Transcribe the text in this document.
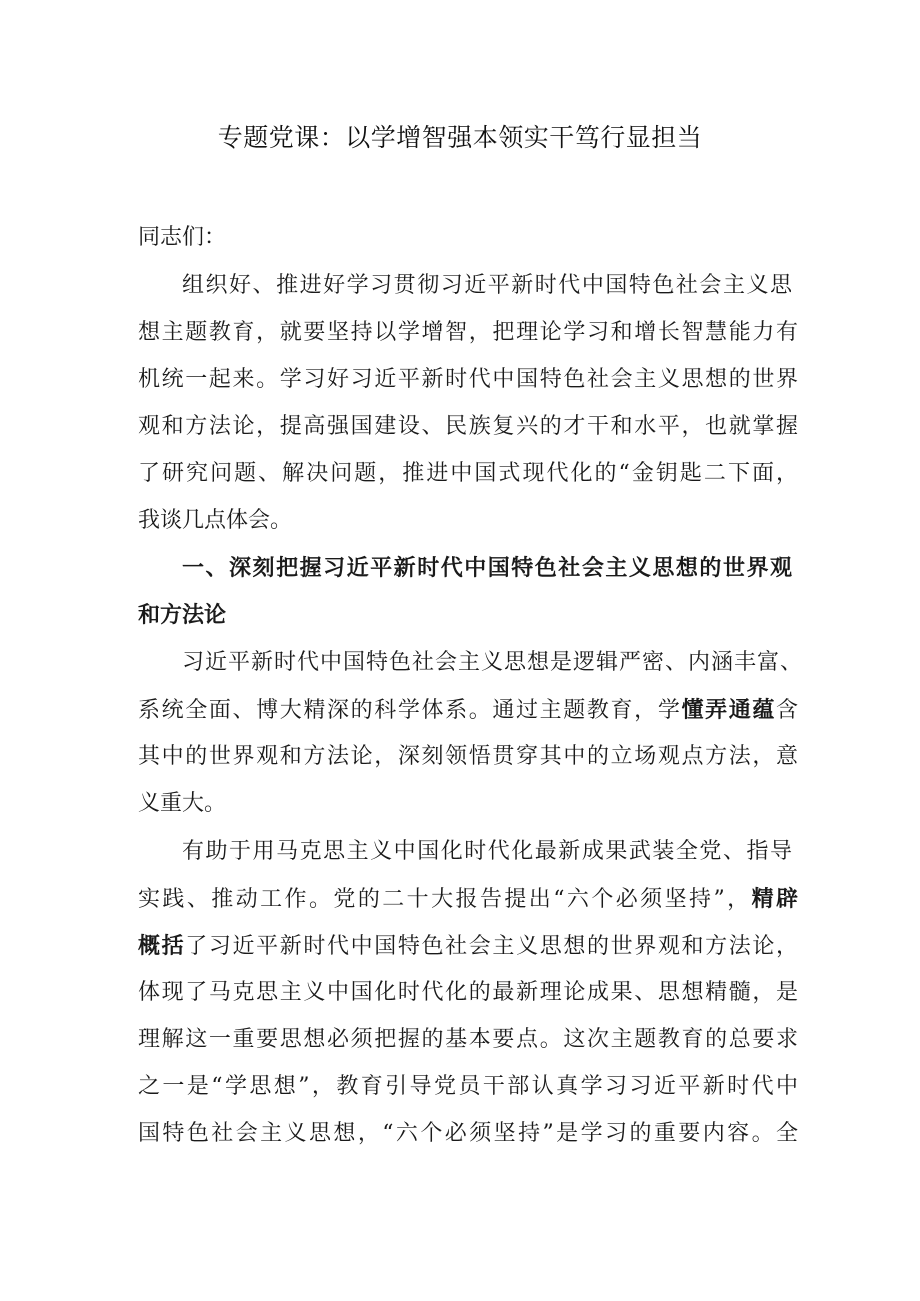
专题党课：以学增智强本领实干笃行显担当
同志们：
组织好、推进好学习贯彻习近平新时代中国特色社会主义思
想主题教育，就要坚持以学增智，把理论学习和增长智慧能力有
机统一起来。学习好习近平新时代中国特色社会主义思想的世界
观和方法论，提高强国建设、民族复兴的才干和水平，也就掌握
了研究问题、解决问题，推进中国式现代化的“金钥匙二下面，
我谈几点体会。
一、深刻把握习近平新时代中国特色社会主义思想的世界观
和方法论
习近平新时代中国特色社会主义思想是逻辑严密、内涵丰富、
系统全面、博大精深的科学体系。通过主题教育，学懂弄通蕴含
其中的世界观和方法论，深刻领悟贯穿其中的立场观点方法，意
义重大。
有助于用马克思主义中国化时代化最新成果武装全党、指导
实践、推动工作。党的二十大报告提出“六个必须坚持”，精辟
概括了习近平新时代中国特色社会主义思想的世界观和方法论，
体现了马克思主义中国化时代化的最新理论成果、思想精髓，是
理解这一重要思想必须把握的基本要点。这次主题教育的总要求
之一是“学思想”，教育引导党员干部认真学习习近平新时代中
国特色社会主义思想，“六个必须坚持”是学习的重要内容。全
